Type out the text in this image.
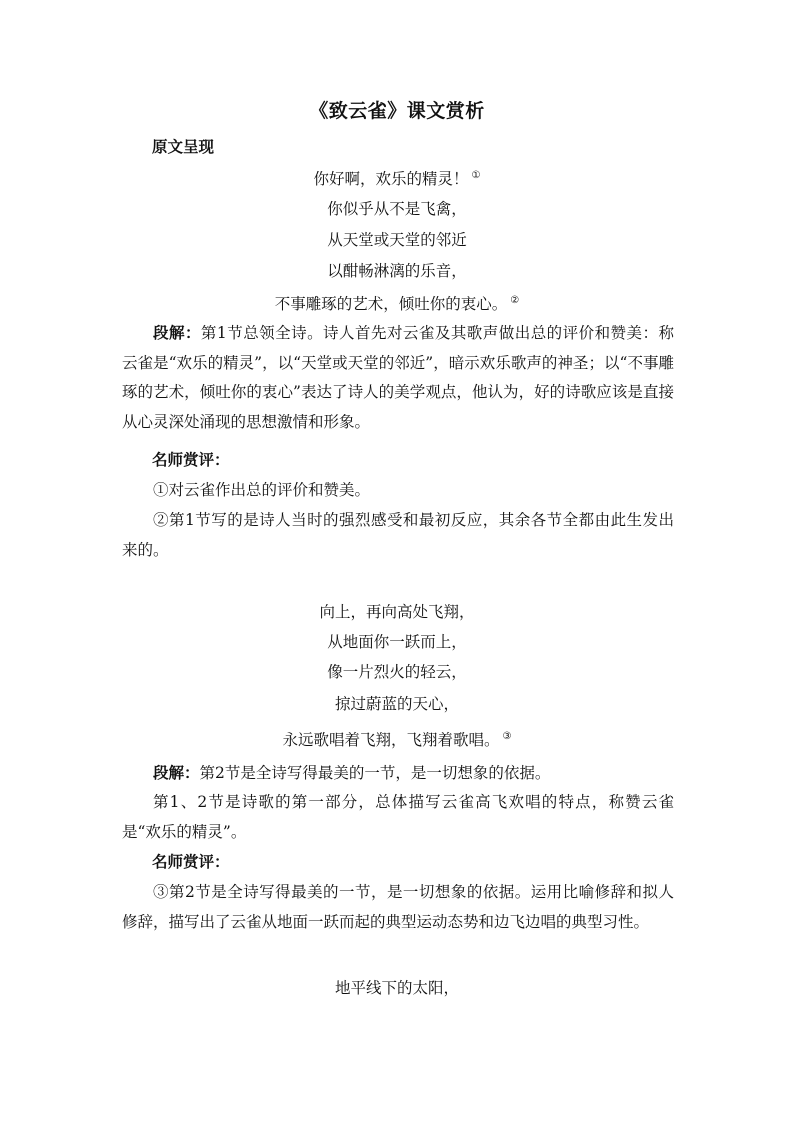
《致云雀》课文赏析
原文呈现
你好啊，欢乐的精灵！ ①
你似乎从不是飞禽，
从天堂或天堂的邻近
以酣畅淋漓的乐音，
不事雕琢的艺术，倾吐你的衷心。 ②
段解：第1节总领全诗。诗人首先对云雀及其歌声做出总的评价和赞美：称云雀是“欢乐的精灵”，以“天堂或天堂的邻近”，暗示欢乐歌声的神圣；以“不事雕琢的艺术，倾吐你的衷心”表达了诗人的美学观点，他认为，好的诗歌应该是直接从心灵深处涌现的思想激情和形象。
名师赏评：
①对云雀作出总的评价和赞美。
②第1节写的是诗人当时的强烈感受和最初反应，其余各节全都由此生发出来的。
向上，再向高处飞翔，
从地面你一跃而上，
像一片烈火的轻云，
掠过蔚蓝的天心，
永远歌唱着飞翔，飞翔着歌唱。 ③
段解：第2节是全诗写得最美的一节，是一切想象的依据。
第1、2节是诗歌的第一部分，总体描写云雀高飞欢唱的特点，称赞云雀是“欢乐的精灵”。
名师赏评：
③第2节是全诗写得最美的一节，是一切想象的依据。运用比喻修辞和拟人修辞，描写出了云雀从地面一跃而起的典型运动态势和边飞边唱的典型习性。
地平线下的太阳，
